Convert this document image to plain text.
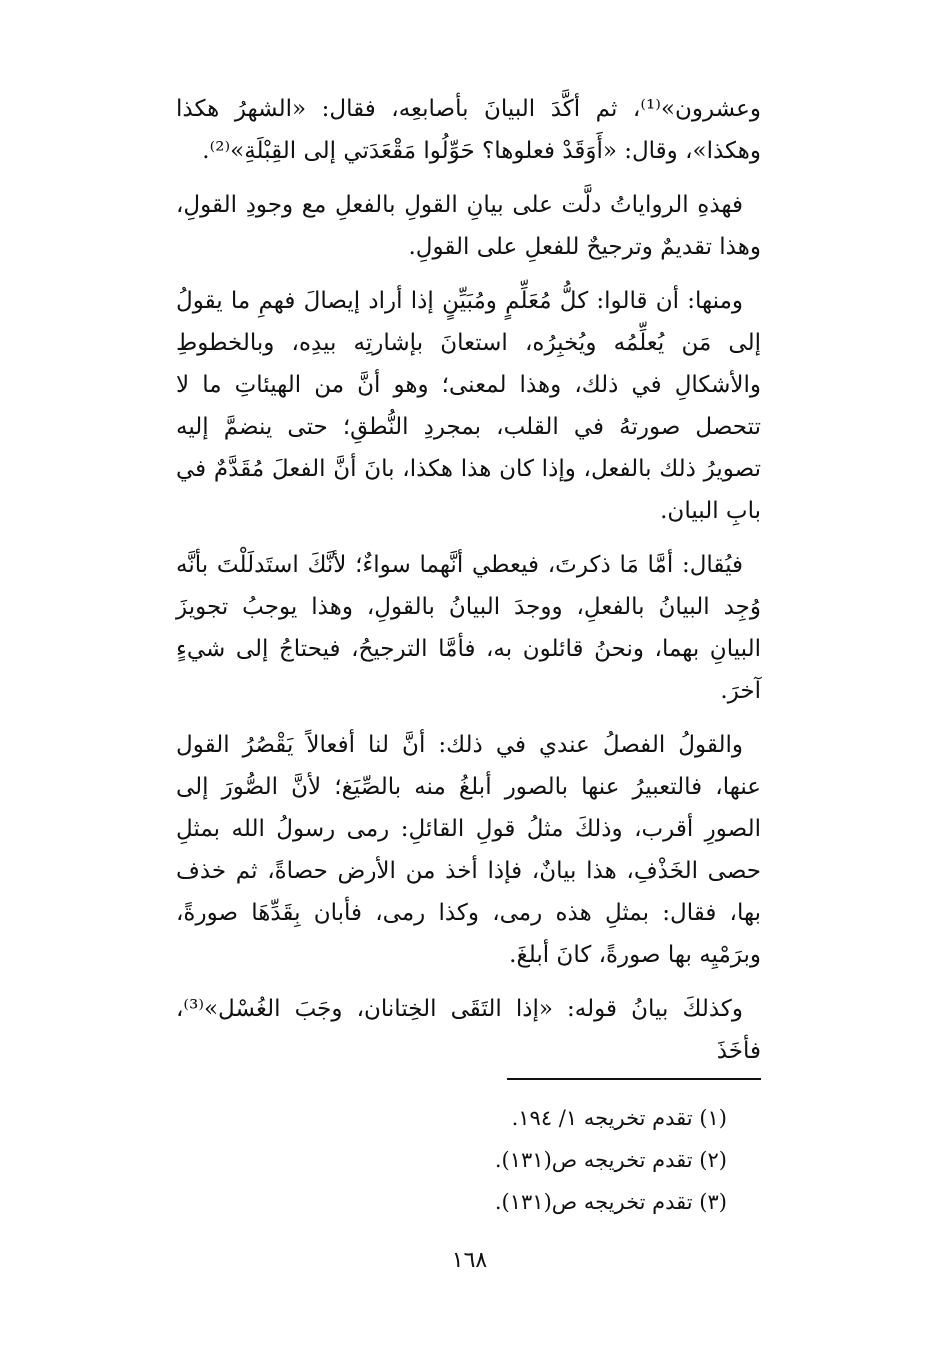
وعشرون»⁽¹⁾، ثم أكَّدَ البيانَ بأصابعِه، فقال: «الشهرُ هكذا وهكذا»، وقال: «أَوَقَدْ فعلوها؟ حَوِّلُوا مَقْعَدَتي إلى القِبْلَةِ»⁽²⁾.

فهذهِ الرواياتُ دلَّت على بيانِ القولِ بالفعلِ مع وجودِ القولِ، وهذا تقديمٌ وترجيحٌ للفعلِ على القولِ.

ومنها: أن قالوا: كلُّ مُعَلِّمٍ ومُبَيِّنٍ إذا أراد إيصالَ فهمِ ما يقولُ إلى مَن يُعلِّمُه ويُخبِرُه، استعانَ بإشارتِه بيدِه، وبالخطوطِ والأشكالِ في ذلك، وهذا لمعنى؛ وهو أنَّ من الهيئاتِ ما لا تتحصل صورتهُ في القلب، بمجردِ النُّطقِ؛ حتى ينضمَّ إليه تصويرُ ذلك بالفعل، وإذا كان هذا هكذا، بانَ أنَّ الفعلَ مُقَدَّمٌ في بابِ البيان.

فيُقال: أمَّا مَا ذكرتَ، فيعطي أنَّهما سواءٌ؛ لأنَّكَ استَدلَلْتَ بأنَّه وُجِد البيانُ بالفعلِ، ووجدَ البيانُ بالقولِ، وهذا يوجبُ تجويزَ البيانِ بهما، ونحنُ قائلون به، فأمَّا الترجيحُ، فيحتاجُ إلى شيءٍ آخرَ.

والقولُ الفصلُ عندي في ذلك: أنَّ لنا أفعالاً يَقْصُرُ القول عنها، فالتعبيرُ عنها بالصور أبلغُ منه بالصِّيَغ؛ لأنَّ الصُّورَ إلى الصورِ أقرب، وذلكَ مثلُ قولِ القائلِ: رمى رسولُ الله بمثلِ حصى الخَذْفِ، هذا بيانٌ، فإذا أخذ من الأرض حصاةً، ثم خذف بها، فقال: بمثلِ هذه رمى، وكذا رمى، فأبان بِقَدِّهَا صورةً، وبرَمْيِه بها صورةً، كانَ أبلغَ.

وكذلكَ بيانُ قوله: «إذا التَقَى الخِتانان، وجَبَ الغُسْل»⁽³⁾، فأخَذَ

(١) تقدم تخريجه ١/ ١٩٤.
(٢) تقدم تخريجه ص(١٣١).
(٣) تقدم تخريجه ص(١٣١).
١٦٨
